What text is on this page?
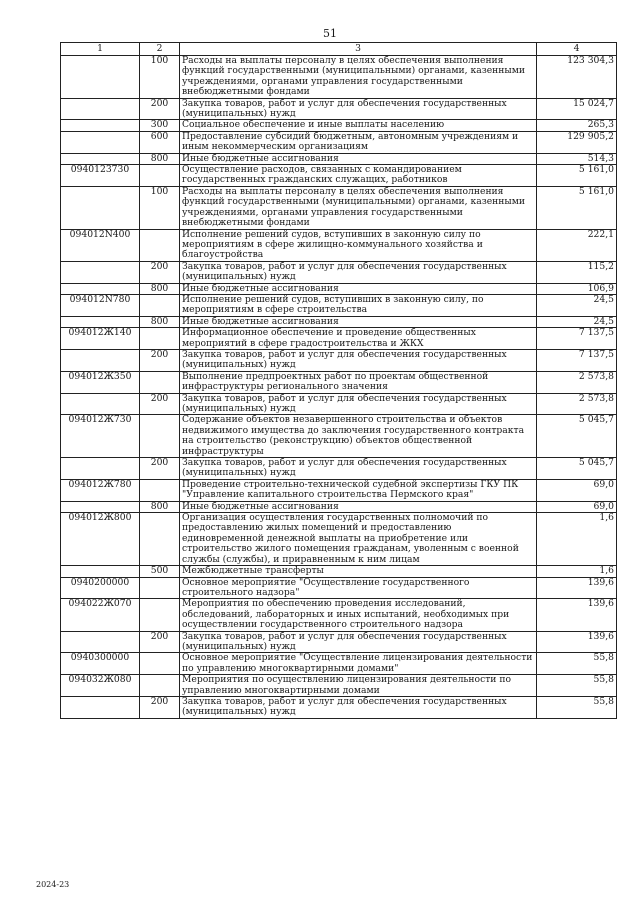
51
1	2	3	4
	100	Расходы на выплаты персоналу в целях обеспечения выполнения функций государственными (муниципальными) органами, казенными учреждениями, органами управления государственными внебюджетными фондами	123 304,3
	200	Закупка товаров, работ и услуг для обеспечения государственных (муниципальных) нужд	15 024,7
	300	Социальное обеспечение и иные выплаты населению	265,3
	600	Предоставление субсидий бюджетным, автономным учреждениям и иным некоммерческим организациям	129 905,2
	800	Иные бюджетные ассигнования	514,3
0940123730		Осуществление расходов, связанных с командированием государственных гражданских служащих, работников	5 161,0
	100	Расходы на выплаты персоналу в целях обеспечения выполнения функций государственными (муниципальными) органами, казенными учреждениями, органами управления государственными внебюджетными фондами	5 161,0
094012N400		Исполнение решений судов, вступивших в законную силу по мероприятиям в сфере жилищно-коммунального хозяйства и благоустройства	222,1
	200	Закупка товаров, работ и услуг для обеспечения государственных (муниципальных) нужд	115,2
	800	Иные бюджетные ассигнования	106,9
094012N780		Исполнение решений судов, вступивших в законную силу, по мероприятиям в сфере строительства	24,5
	800	Иные бюджетные ассигнования	24,5
094012Ж140		Информационное обеспечение и проведение общественных мероприятий в сфере градостроительства и ЖКХ	7 137,5
	200	Закупка товаров, работ и услуг для обеспечения государственных (муниципальных) нужд	7 137,5
094012Ж350		Выполнение предпроектных работ по проектам общественной инфраструктуры регионального значения	2 573,8
	200	Закупка товаров, работ и услуг для обеспечения государственных (муниципальных) нужд	2 573,8
094012Ж730		Содержание объектов незавершенного строительства и объектов недвижимого имущества до заключения государственного контракта на строительство (реконструкцию) объектов общественной инфраструктуры	5 045,7
	200	Закупка товаров, работ и услуг для обеспечения государственных (муниципальных) нужд	5 045,7
094012Ж780		Проведение строительно-технической судебной экспертизы ГКУ ПК "Управление капитального строительства Пермского края"	69,0
	800	Иные бюджетные ассигнования	69,0
094012Ж800		Организация осуществления государственных полномочий по предоставлению жилых помещений и предоставлению единовременной денежной выплаты на приобретение или строительство жилого помещения гражданам, уволенным с военной службы (службы), и приравненным к ним лицам	1,6
	500	Межбюджетные трансферты	1,6
0940200000		Основное мероприятие "Осуществление государственного строительного надзора"	139,6
094022Ж070		Мероприятия по обеспечению проведения исследований, обследований, лабораторных и иных испытаний, необходимых при осуществлении государственного строительного надзора	139,6
	200	Закупка товаров, работ и услуг для обеспечения государственных (муниципальных) нужд	139,6
0940300000		Основное мероприятие "Осуществление лицензирования деятельности по управлению многоквартирными домами"	55,8
094032Ж080		Мероприятия по осуществлению лицензирования деятельности по управлению многоквартирными домами	55,8
	200	Закупка товаров, работ и услуг для обеспечения государственных (муниципальных) нужд	55,8
2024-23
